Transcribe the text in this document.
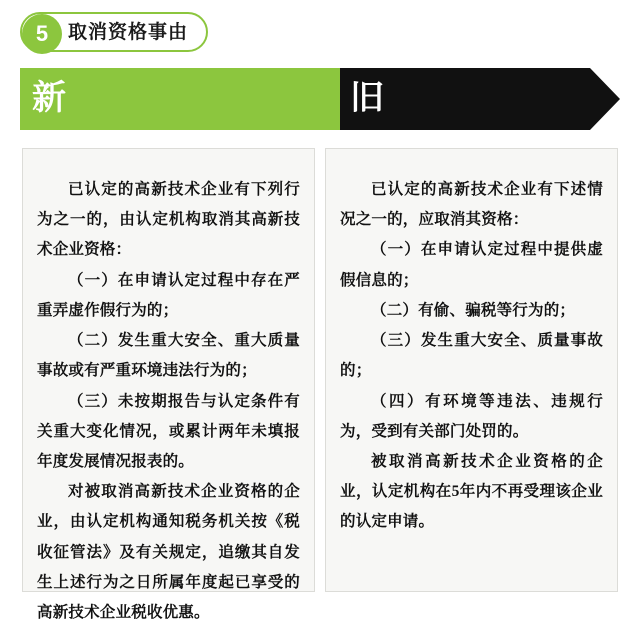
5	取消资格事由
新	旧

已认定的高新技术企业有下列行为之一的，由认定机构取消其高新技术企业资格：

（一）在申请认定过程中存在严重弄虚作假行为的；

（二）发生重大安全、重大质量事故或有严重环境违法行为的；

（三）未按期报告与认定条件有关重大变化情况，或累计两年未填报年度发展情况报表的。

对被取消高新技术企业资格的企业，由认定机构通知税务机关按《税收征管法》及有关规定，追缴其自发生上述行为之日所属年度起已享受的高新技术企业税收优惠。

已认定的高新技术企业有下述情况之一的，应取消其资格：

（一）在申请认定过程中提供虚假信息的；

（二）有偷、骗税等行为的；

（三）发生重大安全、质量事故的；

（四）有环境等违法、违规行为，受到有关部门处罚的。

被取消高新技术企业资格的企业，认定机构在5年内不再受理该企业的认定申请。
